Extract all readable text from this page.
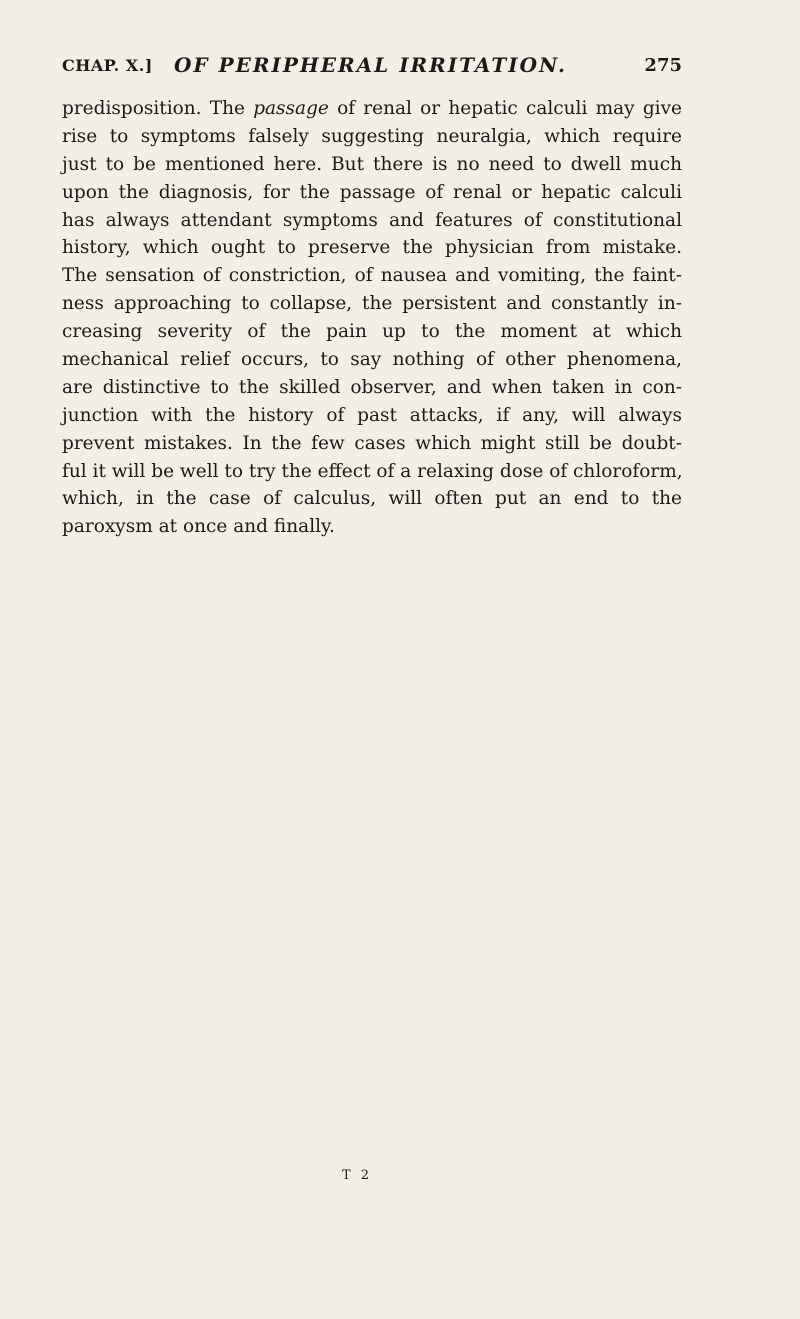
CHAP. X.] OF PERIPHERAL IRRITATION.	275
predisposition. The passage of renal or hepatic calculi may give
rise to symptoms falsely suggesting neuralgia, which require
just to be mentioned here. But there is no need to dwell much
upon the diagnosis, for the passage of renal or hepatic calculi
has always attendant symptoms and features of constitutional
history, which ought to preserve the physician from mistake.
The sensation of constriction, of nausea and vomiting, the faint-
ness approaching to collapse, the persistent and constantly in-
creasing severity of the pain up to the moment at which
mechanical relief occurs, to say nothing of other phenomena,
are distinctive to the skilled observer, and when taken in con-
junction with the history of past attacks, if any, will always
prevent mistakes. In the few cases which might still be doubt-
ful it will be well to try the effect of a relaxing dose of chloroform,
which, in the case of calculus, will often put an end to the
paroxysm at once and finally.
T 2
